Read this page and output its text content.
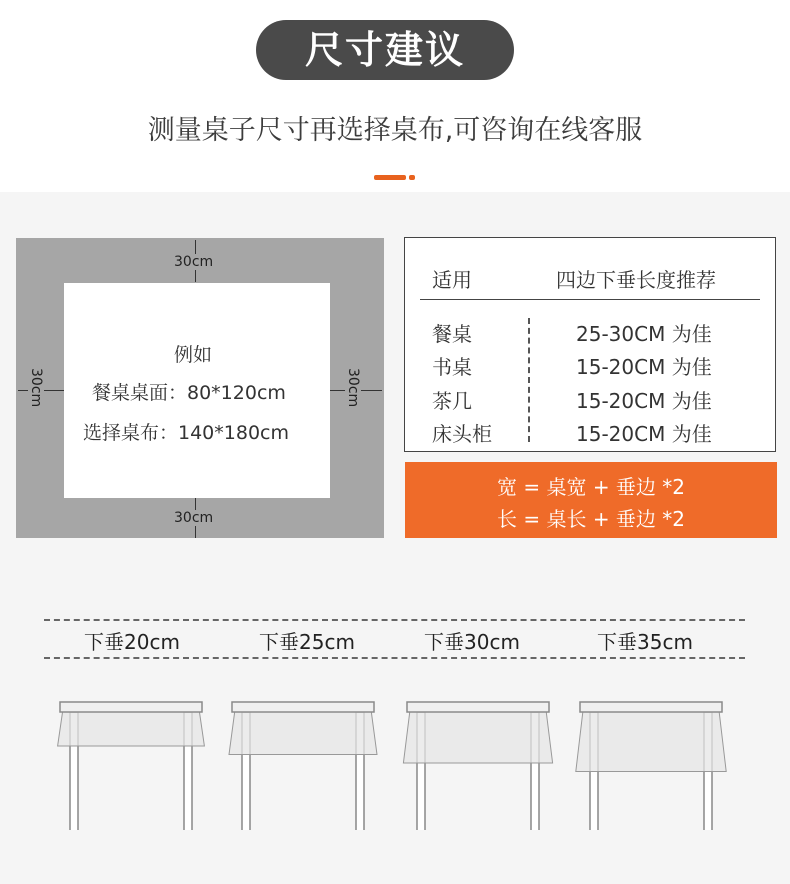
尺寸建议
测量桌子尺寸再选择桌布,可咨询在线客服
30cm
30cm
30cm	30cm
例如
餐桌桌面：80*120cm
选择桌布：140*180cm
适用	四边下垂长度推荐
餐桌	25-30CM 为佳
书桌	15-20CM 为佳
茶几	15-20CM 为佳
床头柜	15-20CM 为佳
宽 = 桌宽 + 垂边 *2
长 = 桌长 + 垂边 *2
下垂20cm	下垂25cm	下垂30cm	下垂35cm
